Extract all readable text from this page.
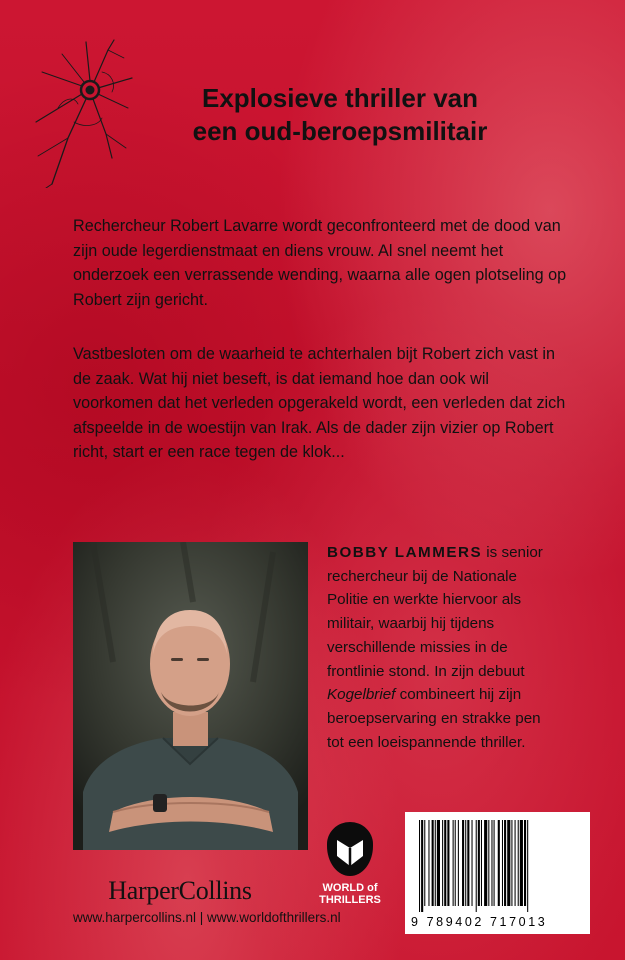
Explosieve thriller van
een oud-beroepsmilitair

Rechercheur Robert Lavarre wordt geconfronteerd met de dood van zijn oude legerdienstmaat en diens vrouw. Al snel neemt het onderzoek een verrassende wending, waarna alle ogen plotseling op Robert zijn gericht.

Vastbesloten om de waarheid te achterhalen bijt Robert zich vast in de zaak. Wat hij niet beseft, is dat iemand hoe dan ook wil voorkomen dat het verleden opgerakeld wordt, een verleden dat zich afspeelde in de woestijn van Irak. Als de dader zijn vizier op Robert richt, start er een race tegen de klok...

BOBBY LAMMERS is senior rechercheur bij de Nationale Politie en werkte hiervoor als militair, waarbij hij tijdens verschillende missies in de frontlinie stond. In zijn debuut Kogelbrief combineert hij zijn beroepservaring en strakke pen tot een loeispannende thriller.

HarperCollins
www.harpercollins.nl | www.worldofthrillers.nl
WORLD of
THRILLERS
9 789402 717013
